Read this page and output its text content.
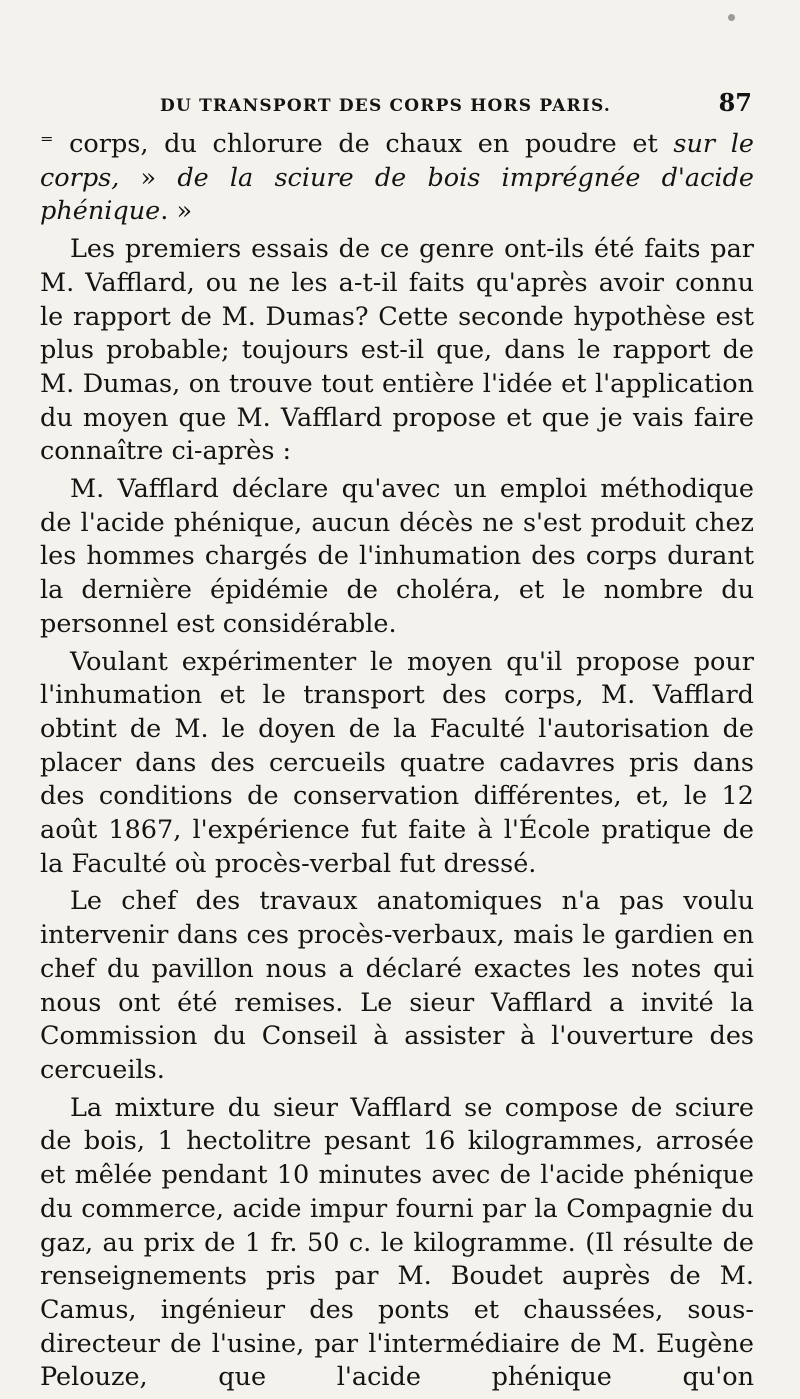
DU TRANSPORT DES CORPS HORS PARIS.	87

⁼ corps, du chlorure de chaux en poudre et sur le corps, » de la sciure de bois imprégnée d'acide phénique. »

Les premiers essais de ce genre ont-ils été faits par M. Vafflard, ou ne les a-t-il faits qu'après avoir connu le rapport de M. Dumas? Cette seconde hypothèse est plus probable; toujours est-il que, dans le rapport de M. Dumas, on trouve tout entière l'idée et l'application du moyen que M. Vafflard propose et que je vais faire connaître ci-après :

M. Vafflard déclare qu'avec un emploi méthodique de l'acide phénique, aucun décès ne s'est produit chez les hommes chargés de l'inhumation des corps durant la dernière épidémie de choléra, et le nombre du personnel est considérable.

Voulant expérimenter le moyen qu'il propose pour l'inhumation et le transport des corps, M. Vafflard obtint de M. le doyen de la Faculté l'autorisation de placer dans des cercueils quatre cadavres pris dans des conditions de conservation différentes, et, le 12 août 1867, l'expérience fut faite à l'École pratique de la Faculté où procès-verbal fut dressé.

Le chef des travaux anatomiques n'a pas voulu intervenir dans ces procès-verbaux, mais le gardien en chef du pavillon nous a déclaré exactes les notes qui nous ont été remises. Le sieur Vafflard a invité la Commission du Conseil à assister à l'ouverture des cercueils.

La mixture du sieur Vafflard se compose de sciure de bois, 1 hectolitre pesant 16 kilogrammes, arrosée et mêlée pendant 10 minutes avec de l'acide phénique du commerce, acide impur fourni par la Compagnie du gaz, au prix de 1 fr. 50 c. le kilogramme. (Il résulte de renseignements pris par M. Boudet auprès de M. Camus, ingénieur des ponts et chaussées, sous-directeur de l'usine, par l'intermédiaire de M. Eugène Pelouze, que l'acide phénique qu'on
